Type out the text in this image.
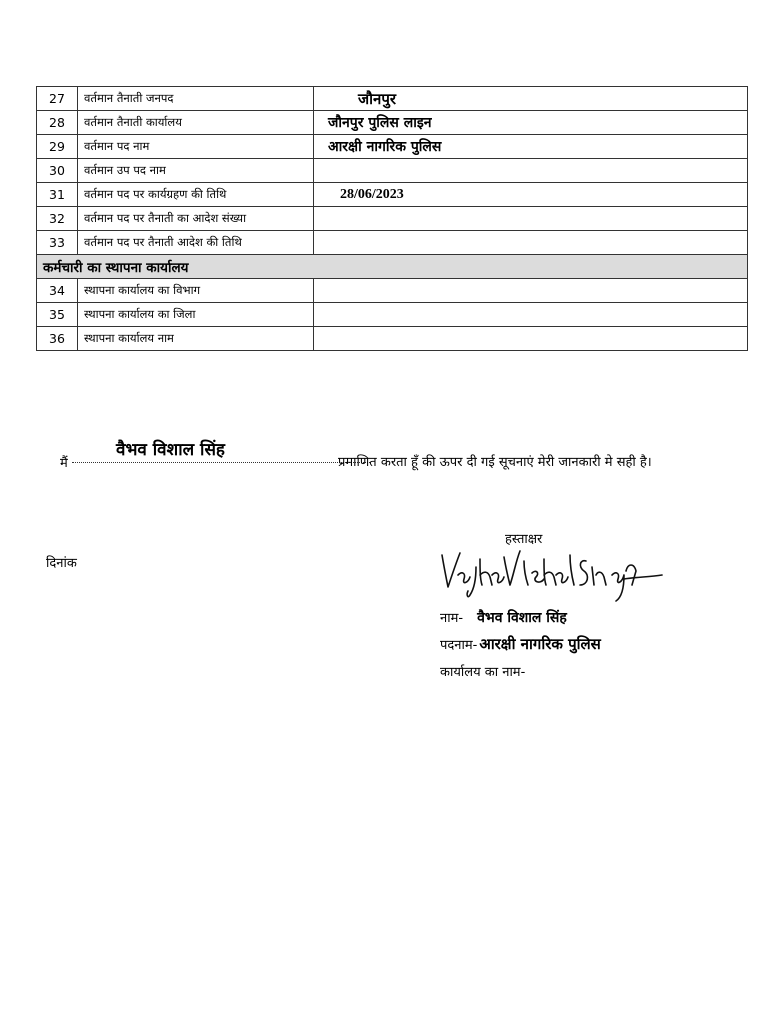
27	वर्तमान तैनाती जनपद	जौनपुर
28	वर्तमान तैनाती कार्यालय	जौनपुर पुलिस लाइन
29	वर्तमान पद नाम	आरक्षी नागरिक पुलिस
30	वर्तमान उप पद नाम	
31	वर्तमान पद पर कार्यग्रहण की तिथि	28/06/2023
32	वर्तमान पद पर तैनाती का आदेश संख्या	
33	वर्तमान पद पर तैनाती आदेश की तिथि	
कर्मचारी का स्थापना कार्यालय		
34	स्थापना कार्यालय का विभाग	
35	स्थापना कार्यालय का जिला	
36	स्थापना कार्यालय नाम	
मैं
वैभव विशाल सिंह
प्रमाणित करता हूँ की ऊपर दी गई सूचनाएं मेरी जानकारी मे सही है।
दिनांक
हस्ताक्षर
Vaibhav Vishal Singh
नाम- वैभव विशाल सिंह
पदनाम- आरक्षी नागरिक पुलिस
कार्यालय का नाम-
